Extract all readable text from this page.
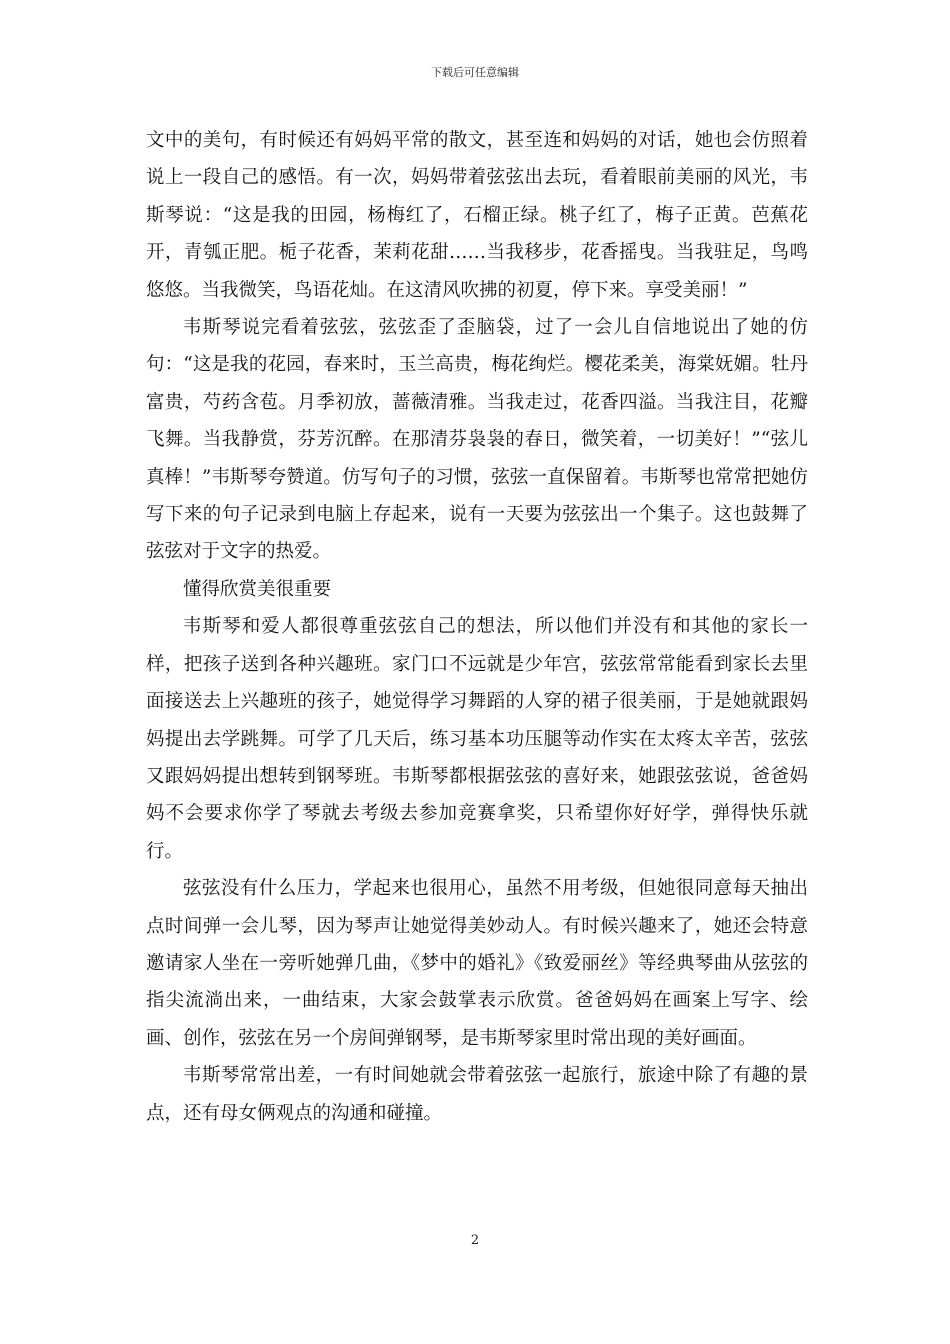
下载后可任意编辑

文中的美句，有时候还有妈妈平常的散文，甚至连和妈妈的对话，她也会仿照着说上一段自己的感悟。有一次，妈妈带着弦弦出去玩，看着眼前美丽的风光，韦斯琴说：“这是我的田园，杨梅红了，石榴正绿。桃子红了，梅子正黄。芭蕉花开，青瓠正肥。栀子花香，茉莉花甜……当我移步，花香摇曳。当我驻足，鸟鸣悠悠。当我微笑，鸟语花灿。在这清风吹拂的初夏，停下来。享受美丽！”

韦斯琴说完看着弦弦，弦弦歪了歪脑袋，过了一会儿自信地说出了她的仿句：“这是我的花园，春来时，玉兰高贵，梅花绚烂。樱花柔美，海棠妩媚。牡丹富贵，芍药含苞。月季初放，蔷薇清雅。当我走过，花香四溢。当我注目，花瓣飞舞。当我静赏，芬芳沉醉。在那清芬袅袅的春日，微笑着，一切美好！”“弦儿真棒！”韦斯琴夸赞道。仿写句子的习惯，弦弦一直保留着。韦斯琴也常常把她仿写下来的句子记录到电脑上存起来，说有一天要为弦弦出一个集子。这也鼓舞了弦弦对于文字的热爱。

懂得欣赏美很重要

韦斯琴和爱人都很尊重弦弦自己的想法，所以他们并没有和其他的家长一样，把孩子送到各种兴趣班。家门口不远就是少年宫，弦弦常常能看到家长去里面接送去上兴趣班的孩子，她觉得学习舞蹈的人穿的裙子很美丽，于是她就跟妈妈提出去学跳舞。可学了几天后，练习基本功压腿等动作实在太疼太辛苦，弦弦又跟妈妈提出想转到钢琴班。韦斯琴都根据弦弦的喜好来，她跟弦弦说，爸爸妈妈不会要求你学了琴就去考级去参加竞赛拿奖，只希望你好好学，弹得快乐就行。

弦弦没有什么压力，学起来也很用心，虽然不用考级，但她很同意每天抽出点时间弹一会儿琴，因为琴声让她觉得美妙动人。有时候兴趣来了，她还会特意邀请家人坐在一旁听她弹几曲，《梦中的婚礼》《致爱丽丝》等经典琴曲从弦弦的指尖流淌出来，一曲结束，大家会鼓掌表示欣赏。爸爸妈妈在画案上写字、绘画、创作，弦弦在另一个房间弹钢琴，是韦斯琴家里时常出现的美好画面。

韦斯琴常常出差，一有时间她就会带着弦弦一起旅行，旅途中除了有趣的景点，还有母女俩观点的沟通和碰撞。

2
